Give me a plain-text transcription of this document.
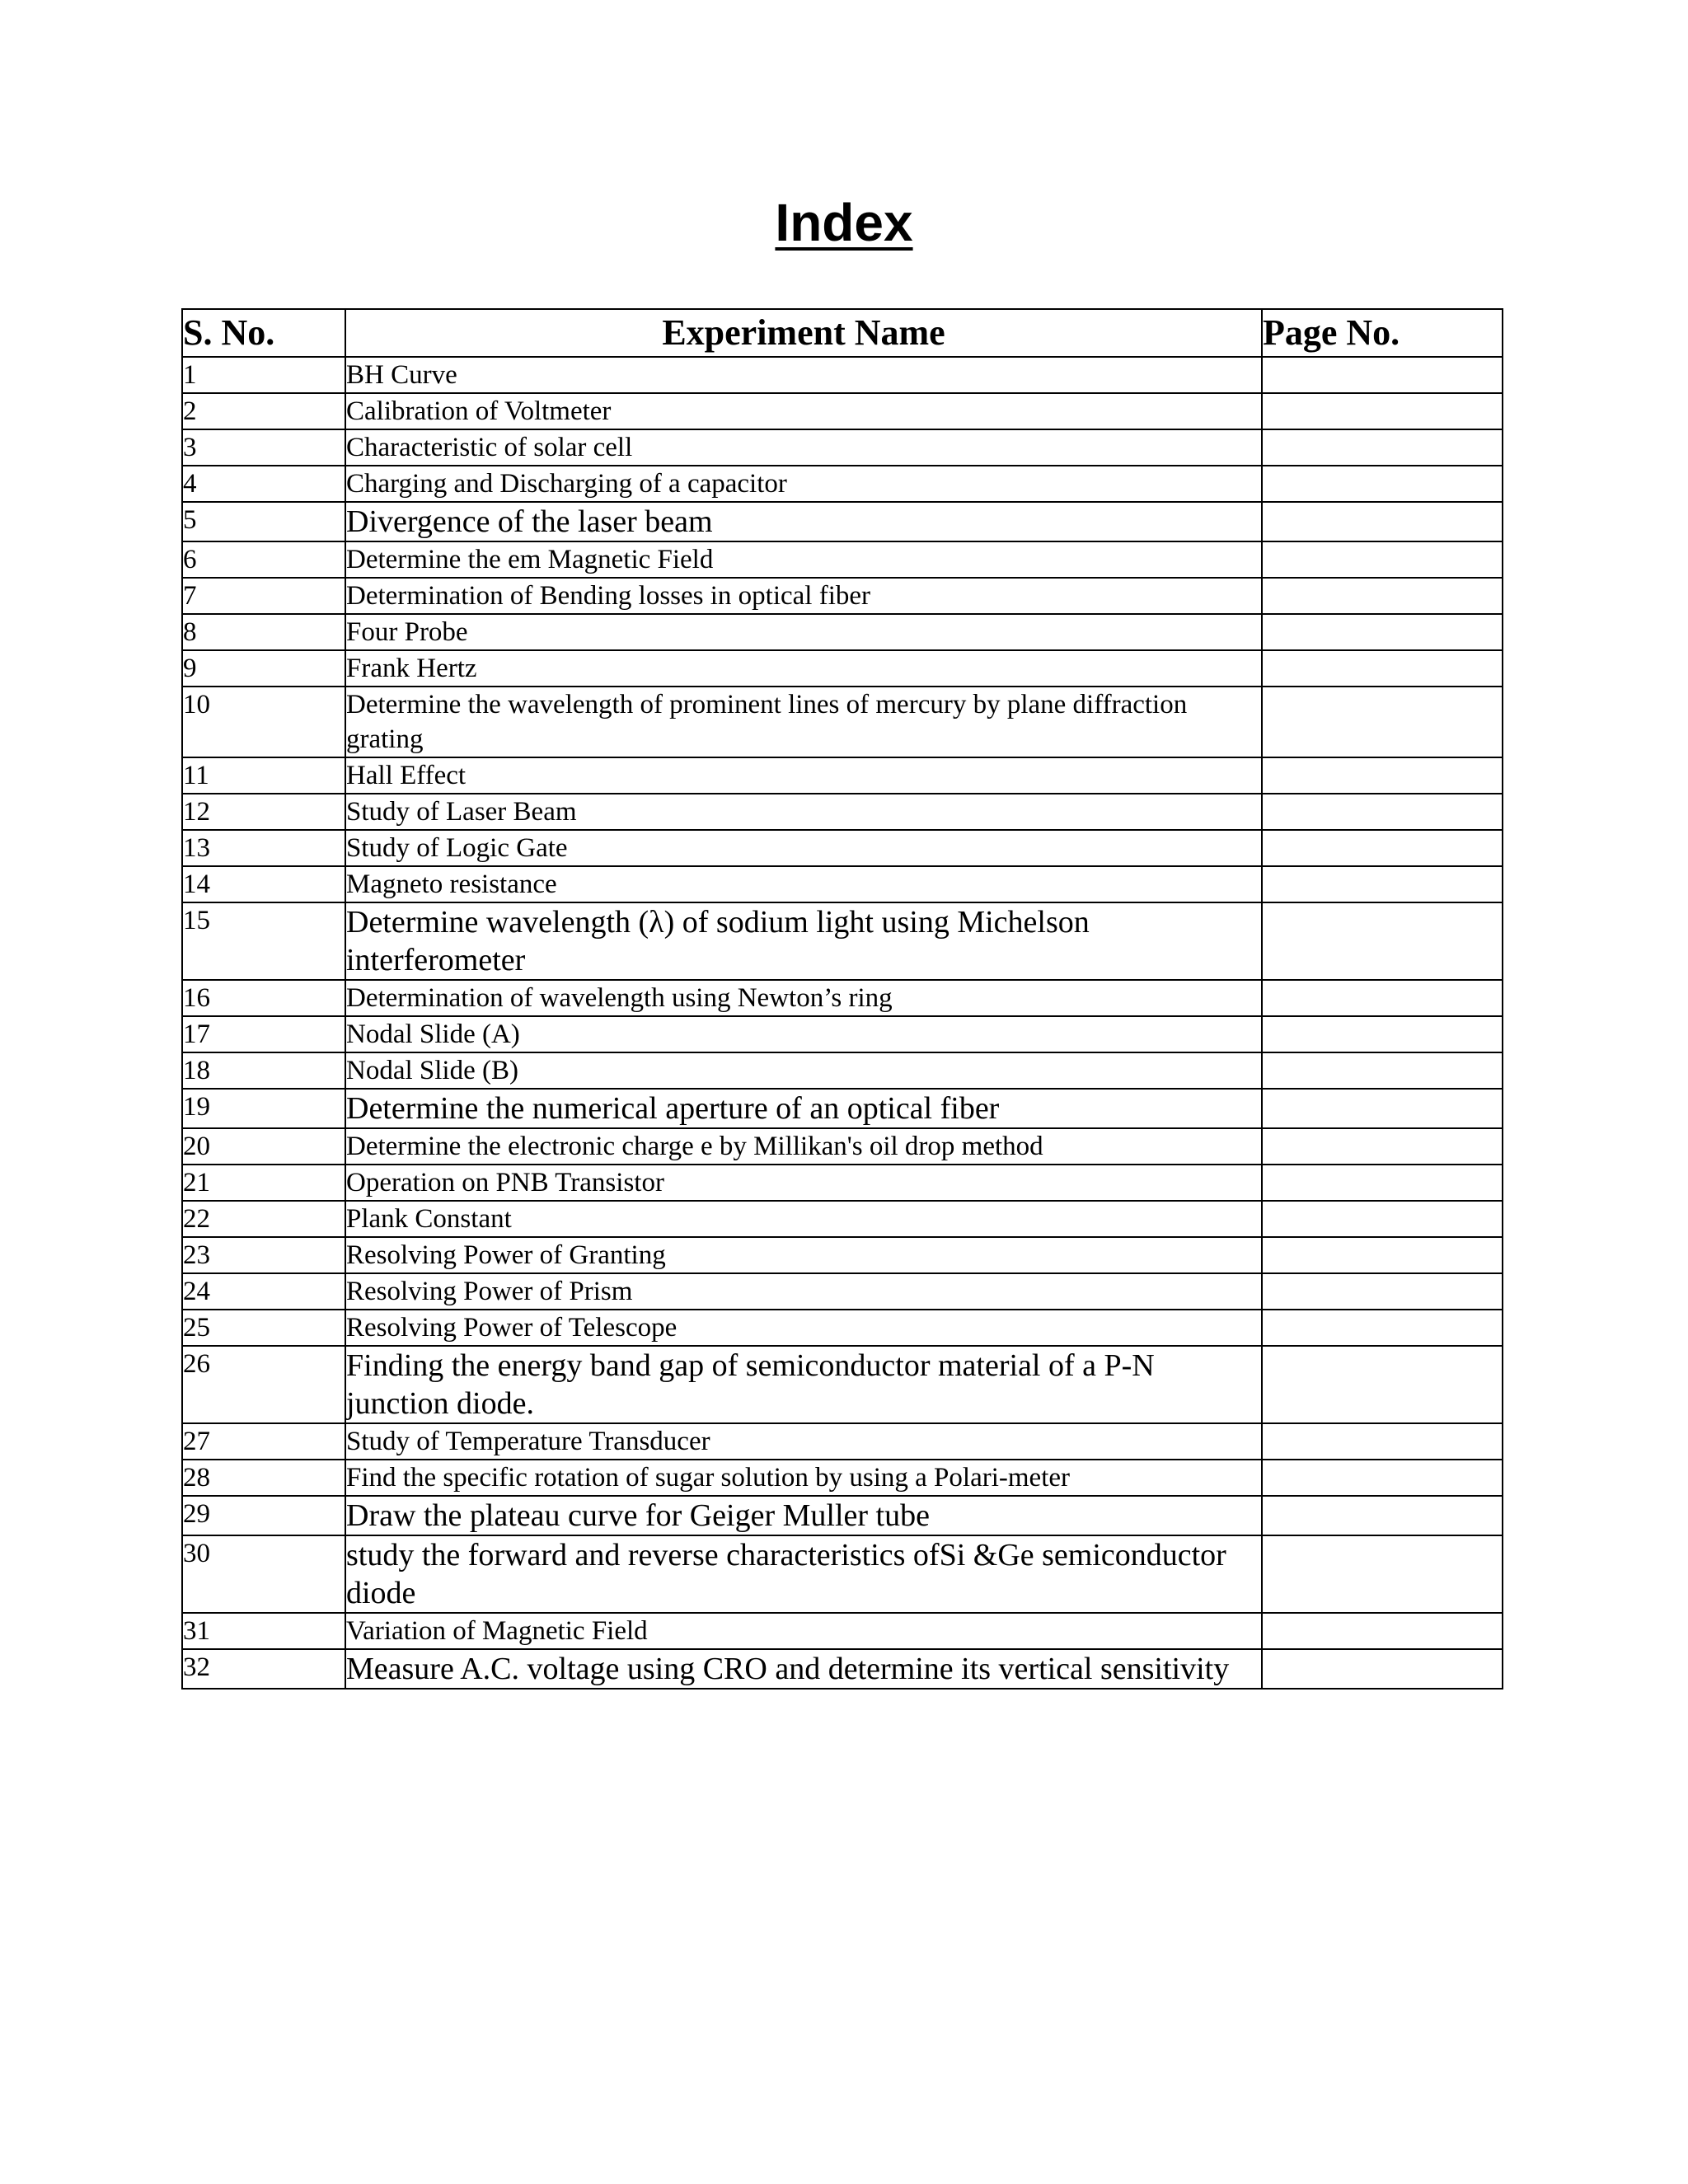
Index
S. No.	Experiment Name	Page No.
1	BH Curve	
2	Calibration of Voltmeter	
3	Characteristic of solar cell	
4	Charging and Discharging of a capacitor	
5	Divergence of the laser beam	
6	Determine the em Magnetic Field	
7	Determination of Bending losses in optical fiber	
8	Four Probe	
9	Frank Hertz	
10	Determine the wavelength of prominent lines of mercury by plane diffraction grating	
11	Hall Effect	
12	Study of Laser Beam	
13	Study of Logic Gate	
14	Magneto resistance	
15	Determine wavelength (λ) of sodium light using Michelson interferometer	
16	Determination of wavelength using Newton’s ring	
17	Nodal Slide (A)	
18	Nodal Slide (B)	
19	Determine the numerical aperture of an optical fiber	
20	Determine the electronic charge e by Millikan's oil drop method	
21	Operation on PNB Transistor	
22	Plank Constant	
23	Resolving Power of Granting	
24	Resolving Power of Prism	
25	Resolving Power of Telescope	
26	Finding the energy band gap of semiconductor material of a P-N junction diode.	
27	Study of Temperature Transducer	
28	Find the specific rotation of sugar solution by using a Polari-meter	
29	Draw the plateau curve for Geiger Muller tube	
30	study the forward and reverse characteristics ofSi &Ge semiconductor diode	
31	Variation of Magnetic Field	
32	Measure A.C. voltage using CRO and determine its vertical sensitivity	
